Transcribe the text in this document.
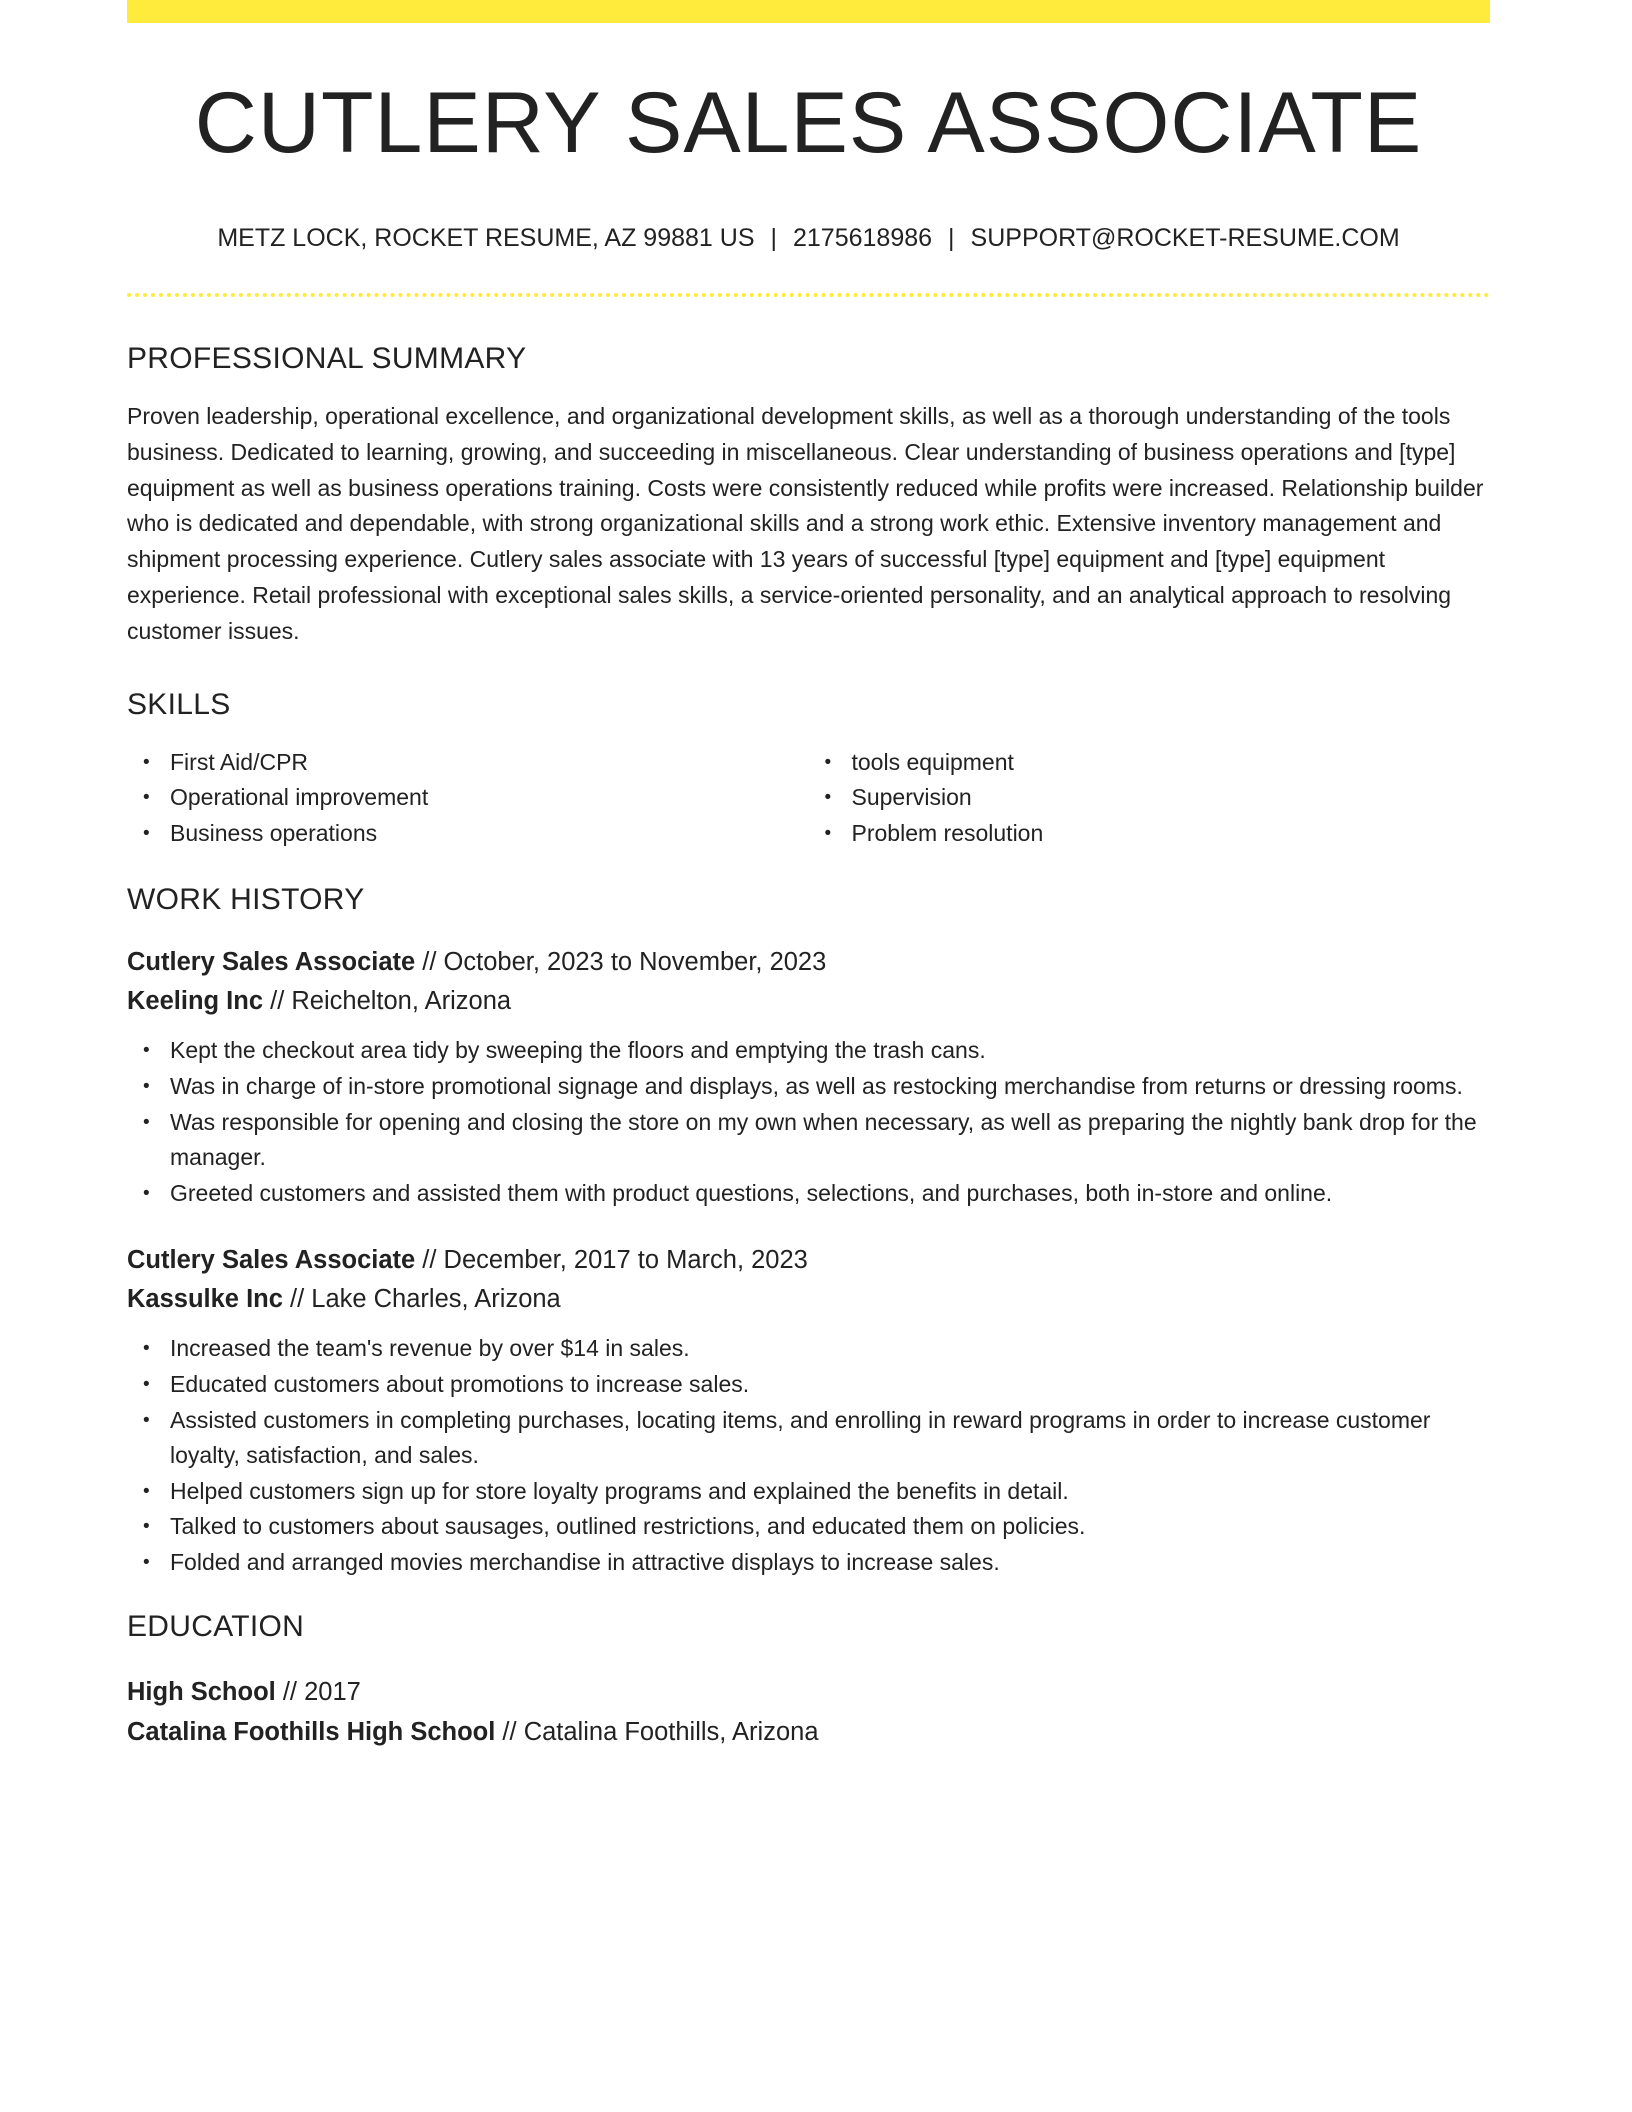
CUTLERY SALES ASSOCIATE
METZ LOCK, ROCKET RESUME, AZ 99881 US | 2175618986 | SUPPORT@ROCKET-RESUME.COM
PROFESSIONAL SUMMARY
Proven leadership, operational excellence, and organizational development skills, as well as a thorough understanding of the tools business. Dedicated to learning, growing, and succeeding in miscellaneous. Clear understanding of business operations and [type] equipment as well as business operations training. Costs were consistently reduced while profits were increased. Relationship builder who is dedicated and dependable, with strong organizational skills and a strong work ethic. Extensive inventory management and shipment processing experience. Cutlery sales associate with 13 years of successful [type] equipment and [type] equipment experience. Retail professional with exceptional sales skills, a service-oriented personality, and an analytical approach to resolving customer issues.
SKILLS
• First Aid/CPR
• Operational improvement
• Business operations
• tools equipment
• Supervision
• Problem resolution
WORK HISTORY
Cutlery Sales Associate // October, 2023 to November, 2023
Keeling Inc // Reichelton, Arizona
• Kept the checkout area tidy by sweeping the floors and emptying the trash cans.
• Was in charge of in-store promotional signage and displays, as well as restocking merchandise from returns or dressing rooms.
• Was responsible for opening and closing the store on my own when necessary, as well as preparing the nightly bank drop for the manager.
• Greeted customers and assisted them with product questions, selections, and purchases, both in-store and online.
Cutlery Sales Associate // December, 2017 to March, 2023
Kassulke Inc // Lake Charles, Arizona
• Increased the team's revenue by over $14 in sales.
• Educated customers about promotions to increase sales.
• Assisted customers in completing purchases, locating items, and enrolling in reward programs in order to increase customer loyalty, satisfaction, and sales.
• Helped customers sign up for store loyalty programs and explained the benefits in detail.
• Talked to customers about sausages, outlined restrictions, and educated them on policies.
• Folded and arranged movies merchandise in attractive displays to increase sales.
EDUCATION
High School // 2017
Catalina Foothills High School // Catalina Foothills, Arizona
